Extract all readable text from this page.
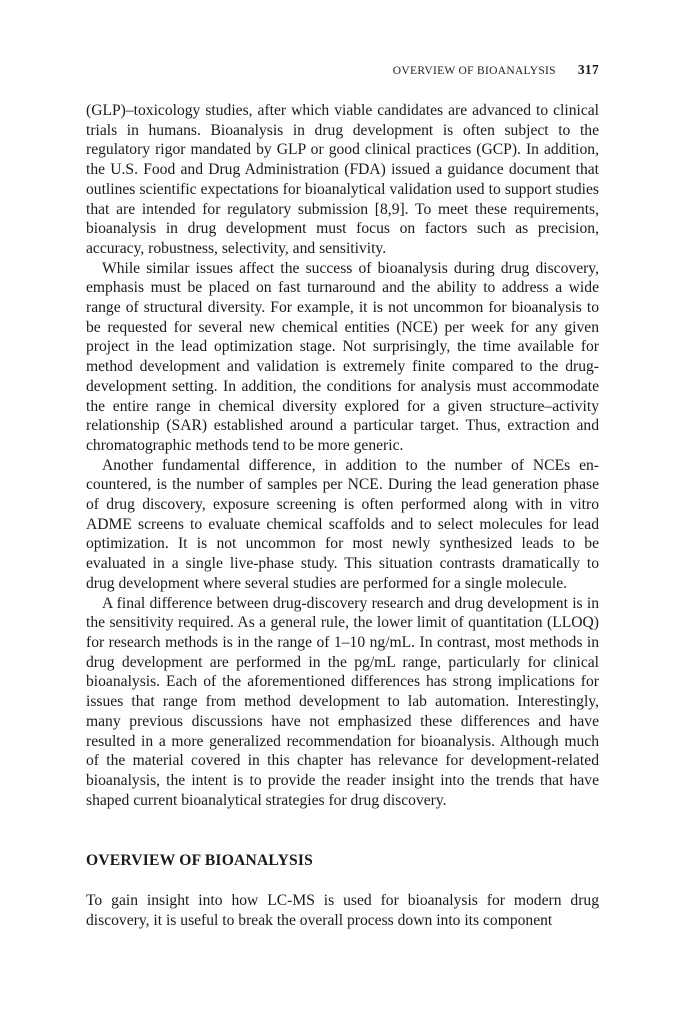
OVERVIEW OF BIOANALYSIS 317

(GLP)–toxicology studies, after which viable candidates are advanced to clinical trials in humans. Bioanalysis in drug development is often subject to the regulatory rigor mandated by GLP or good clinical practices (GCP). In addition, the U.S. Food and Drug Administration (FDA) issued a guidance document that outlines scientific expectations for bioanalytical validation used to support studies that are intended for regulatory submission [8,9]. To meet these requirements, bioanalysis in drug development must focus on factors such as precision, accuracy, robustness, selectivity, and sensitivity.

While similar issues affect the success of bioanalysis during drug discovery, emphasis must be placed on fast turnaround and the ability to address a wide range of structural diversity. For example, it is not uncommon for bioanalysis to be requested for several new chemical entities (NCE) per week for any given project in the lead optimization stage. Not surprisingly, the time available for method development and validation is extremely finite compared to the drug-development setting. In addition, the conditions for analysis must accommodate the entire range in chemical diversity explored for a given structure–activity relationship (SAR) established around a particular target. Thus, extraction and chromatographic methods tend to be more generic.

Another fundamental difference, in addition to the number of NCEs encountered, is the number of samples per NCE. During the lead generation phase of drug discovery, exposure screening is often performed along with in vitro ADME screens to evaluate chemical scaffolds and to select molecules for lead optimization. It is not uncommon for most newly synthesized leads to be evaluated in a single live-phase study. This situation contrasts dramatically to drug development where several studies are performed for a single molecule.

A final difference between drug-discovery research and drug development is in the sensitivity required. As a general rule, the lower limit of quantitation (LLOQ) for research methods is in the range of 1–10 ng/mL. In contrast, most methods in drug development are performed in the pg/mL range, particularly for clinical bioanalysis. Each of the aforementioned differences has strong implications for issues that range from method development to lab automation. Interestingly, many previous discussions have not emphasized these differences and have resulted in a more generalized recommendation for bioanalysis. Although much of the material covered in this chapter has relevance for development-related bioanalysis, the intent is to provide the reader insight into the trends that have shaped current bioanalytical strategies for drug discovery.

OVERVIEW OF BIOANALYSIS

To gain insight into how LC-MS is used for bioanalysis for modern drug discovery, it is useful to break the overall process down into its component
